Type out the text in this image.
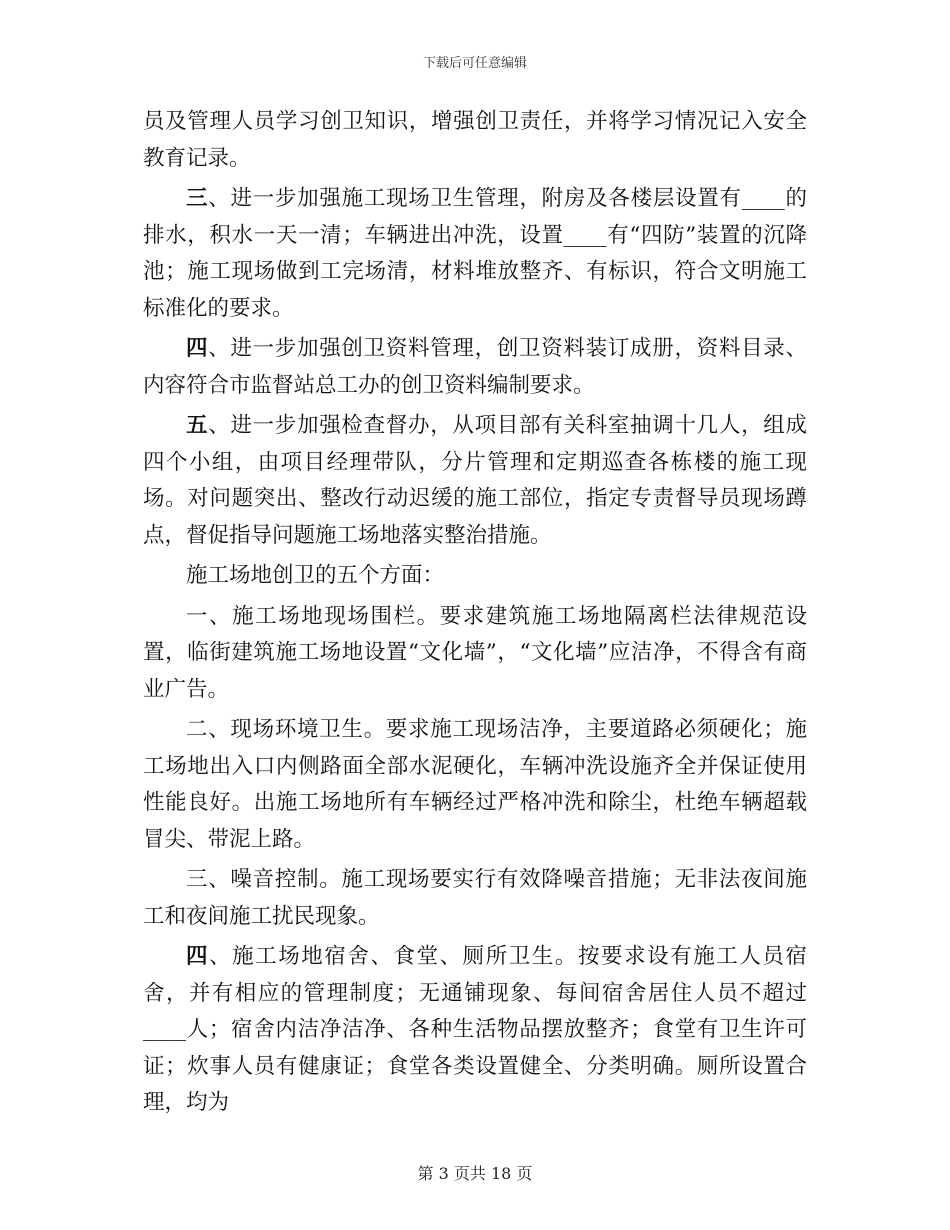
下载后可任意编辑

员及管理人员学习创卫知识，增强创卫责任，并将学习情况记入安全教育记录。

三、进一步加强施工现场卫生管理，附房及各楼层设置有____的排水，积水一天一清；车辆进出冲洗，设置____有“四防”装置的沉降池；施工现场做到工完场清，材料堆放整齐、有标识，符合文明施工标准化的要求。

四、进一步加强创卫资料管理，创卫资料装订成册，资料目录、内容符合市监督站总工办的创卫资料编制要求。

五、进一步加强检查督办，从项目部有关科室抽调十几人，组成四个小组，由项目经理带队，分片管理和定期巡查各栋楼的施工现场。对问题突出、整改行动迟缓的施工部位，指定专责督导员现场蹲点，督促指导问题施工场地落实整治措施。

施工场地创卫的五个方面：

一、施工场地现场围栏。要求建筑施工场地隔离栏法律规范设置，临街建筑施工场地设置“文化墙”，“文化墙”应洁净，不得含有商业广告。

二、现场环境卫生。要求施工现场洁净，主要道路必须硬化；施工场地出入口内侧路面全部水泥硬化，车辆冲洗设施齐全并保证使用性能良好。出施工场地所有车辆经过严格冲洗和除尘，杜绝车辆超载冒尖、带泥上路。

三、噪音控制。施工现场要实行有效降噪音措施；无非法夜间施工和夜间施工扰民现象。

四、施工场地宿舍、食堂、厕所卫生。按要求设有施工人员宿舍，并有相应的管理制度；无通铺现象、每间宿舍居住人员不超过____人；宿舍内洁净洁净、各种生活物品摆放整齐；食堂有卫生许可证；炊事人员有健康证；食堂各类设置健全、分类明确。厕所设置合理，均为

第 3 页共 18 页
